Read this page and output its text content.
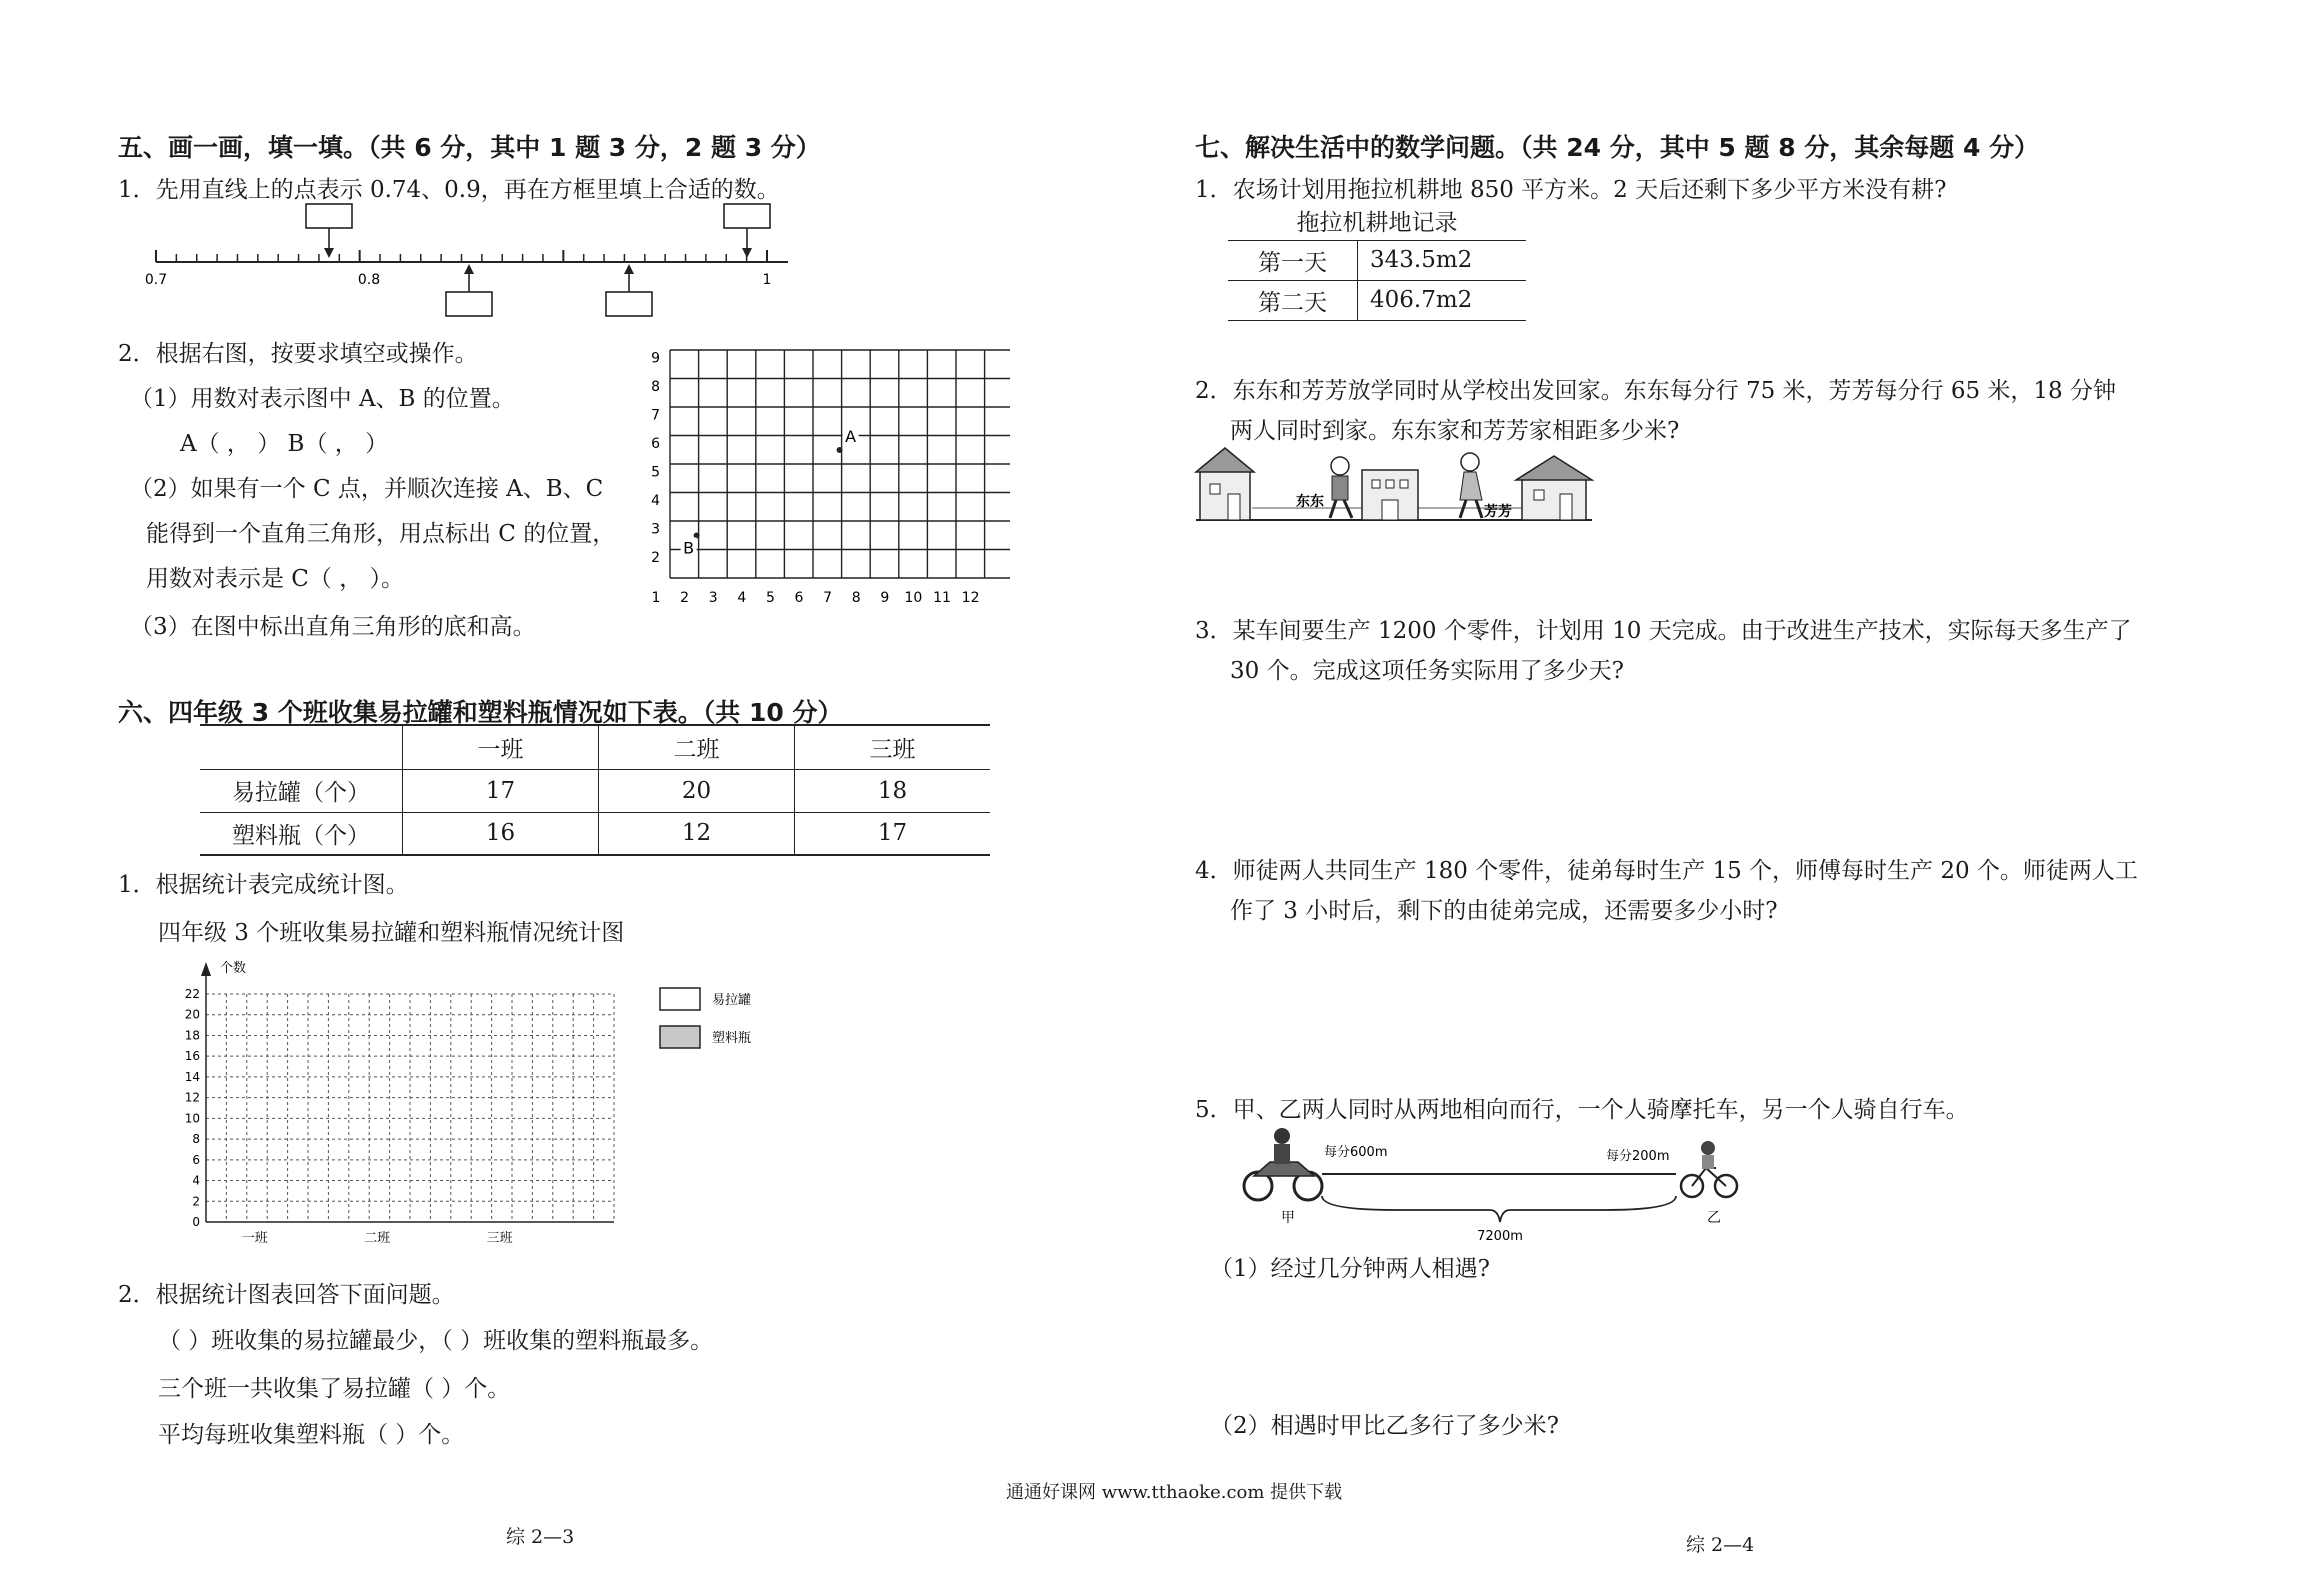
五、画一画，填一填。（共 6 分，其中 1 题 3 分，2 题 3 分）
1．先用直线上的点表示 0.74、0.9，再在方框里填上合适的数。
0.7	0.8	1
2．根据右图，按要求填空或操作。
（1）用数对表示图中 A、B 的位置。
A（ ， ） B（ ， ）
（2）如果有一个 C 点，并顺次连接 A、B、C
能得到一个直角三角形，用点标出 C 的位置，
用数对表示是 C（ ， ）。
（3）在图中标出直角三角形的底和高。
1 2 3 4 5 6 7 8 9 10 11 12
2
3
4
5
6
7
8
9
A
B
六、四年级 3 个班收集易拉罐和塑料瓶情况如下表。（共 10 分）
	一班	二班	三班
易拉罐（个）	17	20	18
塑料瓶（个）	16	12	17
1．根据统计表完成统计图。
四年级 3 个班收集易拉罐和塑料瓶情况统计图
个数
0
2
4
6
8
10
12
14
16
18
20
22
一班	二班	三班
易拉罐
塑料瓶
2．根据统计图表回答下面问题。
（ ）班收集的易拉罐最少，（ ）班收集的塑料瓶最多。
三个班一共收集了易拉罐（ ）个。
平均每班收集塑料瓶（ ）个。
七、解决生活中的数学问题。（共 24 分，其中 5 题 8 分，其余每题 4 分）
1．农场计划用拖拉机耕地 850 平方米。2 天后还剩下多少平方米没有耕?
拖拉机耕地记录	
第一天	343.5m2
第二天	406.7m2
2．东东和芳芳放学同时从学校出发回家。东东每分行 75 米，芳芳每分行 65 米，18 分钟
两人同时到家。东东家和芳芳家相距多少米?
东东
芳芳
3．某车间要生产 1200 个零件，计划用 10 天完成。由于改进生产技术，实际每天多生产了
30 个。完成这项任务实际用了多少天?
4．师徒两人共同生产 180 个零件，徒弟每时生产 15 个，师傅每时生产 20 个。师徒两人工
作了 3 小时后，剩下的由徒弟完成，还需要多少小时?
5．甲、乙两人同时从两地相向而行，一个人骑摩托车，另一个人骑自行车。
甲
每分600m	每分200m
7200m
乙
（1）经过几分钟两人相遇?
（2）相遇时甲比乙多行了多少米?
通通好课网 www.tthaoke.com 提供下载
综 2—3	综 2—4
